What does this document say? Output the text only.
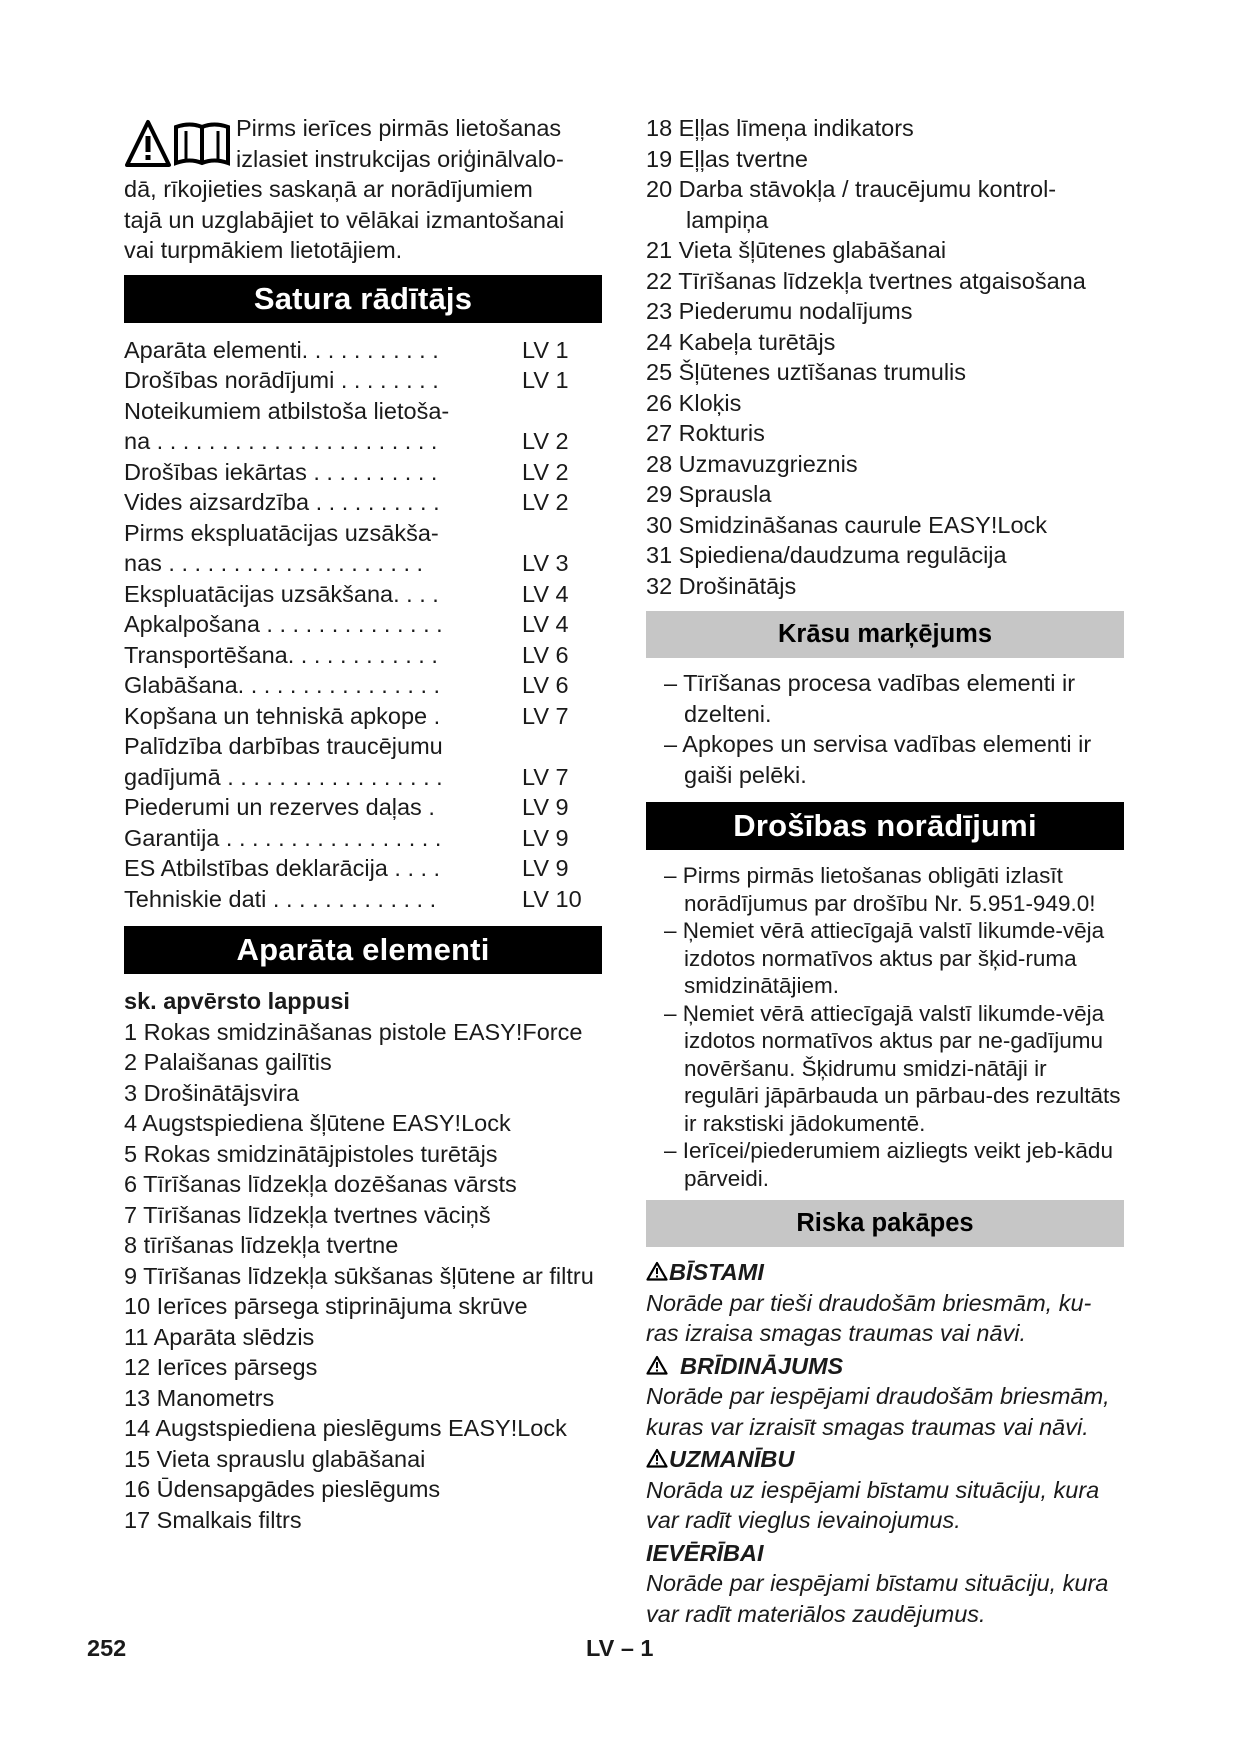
Pirms ierīces pirmās lietošanas
izlasiet instrukcijas oriģinālvalo-
dā, rīkojieties saskaņā ar norādījumiem
tajā un uzglabājiet to vēlākai izmantošanai
vai turpmākiem lietotājiem.
Satura rādītājs
Aparāta elementi. . . . . . . . . . .	LV 1
Drošības norādījumi . . . . . . . .	LV 1
Noteikumiem atbilstoša lietoša-
na . . . . . . . . . . . . . . . . . . . . . .	LV 2
Drošības iekārtas . . . . . . . . . .	LV 2
Vides aizsardzība . . . . . . . . . .	LV 2
Pirms ekspluatācijas uzsākša-
nas . . . . . . . . . . . . . . . . . . . .	LV 3
Ekspluatācijas uzsākšana. . . .	LV 4
Apkalpošana . . . . . . . . . . . . . .	LV 4
Transportēšana. . . . . . . . . . . .	LV 6
Glabāšana. . . . . . . . . . . . . . . .	LV 6
Kopšana un tehniskā apkope .	LV 7
Palīdzība darbības traucējumu
gadījumā . . . . . . . . . . . . . . . . .	LV 7
Piederumi un rezerves daļas .	LV 9
Garantija . . . . . . . . . . . . . . . . .	LV 9
ES Atbilstības deklarācija . . . .	LV 9
Tehniskie dati . . . . . . . . . . . . .	LV 10
Aparāta elementi
sk. apvērsto lappusi
1 Rokas smidzināšanas pistole EASY!Force
2 Palaišanas gailītis
3 Drošinātājsvira
4 Augstspiediena šļūtene EASY!Lock
5 Rokas smidzinātājpistoles turētājs
6 Tīrīšanas līdzekļa dozēšanas vārsts
7 Tīrīšanas līdzekļa tvertnes vāciņš
8 tīrīšanas līdzekļa tvertne
9 Tīrīšanas līdzekļa sūkšanas šļūtene ar filtru
10 Ierīces pārsega stiprinājuma skrūve
11 Aparāta slēdzis
12 Ierīces pārsegs
13 Manometrs
14 Augstspiediena pieslēgums EASY!Lock
15 Vieta sprauslu glabāšanai
16 Ūdensapgādes pieslēgums
17 Smalkais filtrs
18 Eļļas līmeņa indikators
19 Eļļas tvertne
20 Darba stāvokļa / traucējumu kontrol-lampiņa
21 Vieta šļūtenes glabāšanai
22 Tīrīšanas līdzekļa tvertnes atgaisošana
23 Piederumu nodalījums
24 Kabeļa turētājs
25 Šļūtenes uztīšanas trumulis
26 Kloķis
27 Rokturis
28 Uzmavuzgrieznis
29 Sprausla
30 Smidzināšanas caurule EASY!Lock
31 Spiediena/daudzuma regulācija
32 Drošinātājs
Krāsu marķējums
– Tīrīšanas procesa vadības elementi ir dzelteni.
– Apkopes un servisa vadības elementi ir gaiši pelēki.
Drošības norādījumi
– Pirms pirmās lietošanas obligāti izlasīt norādījumus par drošību Nr. 5.951-949.0!
– Ņemiet vērā attiecīgajā valstī likumde-vēja izdotos normatīvos aktus par šķid-ruma smidzinātājiem.
– Ņemiet vērā attiecīgajā valstī likumde-vēja izdotos normatīvos aktus par ne-gadījumu novēršanu. Šķidrumu smidzi-nātāji ir regulāri jāpārbauda un pārbau-des rezultāts ir rakstiski jādokumentē.
– Ierīcei/piederumiem aizliegts veikt jeb-kādu pārveidi.
Riska pakāpes
BĪSTAMI
Norāde par tieši draudošām briesmām, ku-ras izraisa smagas traumas vai nāvi.
BRĪDINĀJUMS
Norāde par iespējami draudošām briesmām, kuras var izraisīt smagas traumas vai nāvi.
UZMANĪBU
Norāda uz iespējami bīstamu situāciju, kura var radīt vieglus ievainojumus.
IEVĒRĪBAI
Norāde par iespējami bīstamu situāciju, kura var radīt materiālos zaudējumus.
252	LV – 1
